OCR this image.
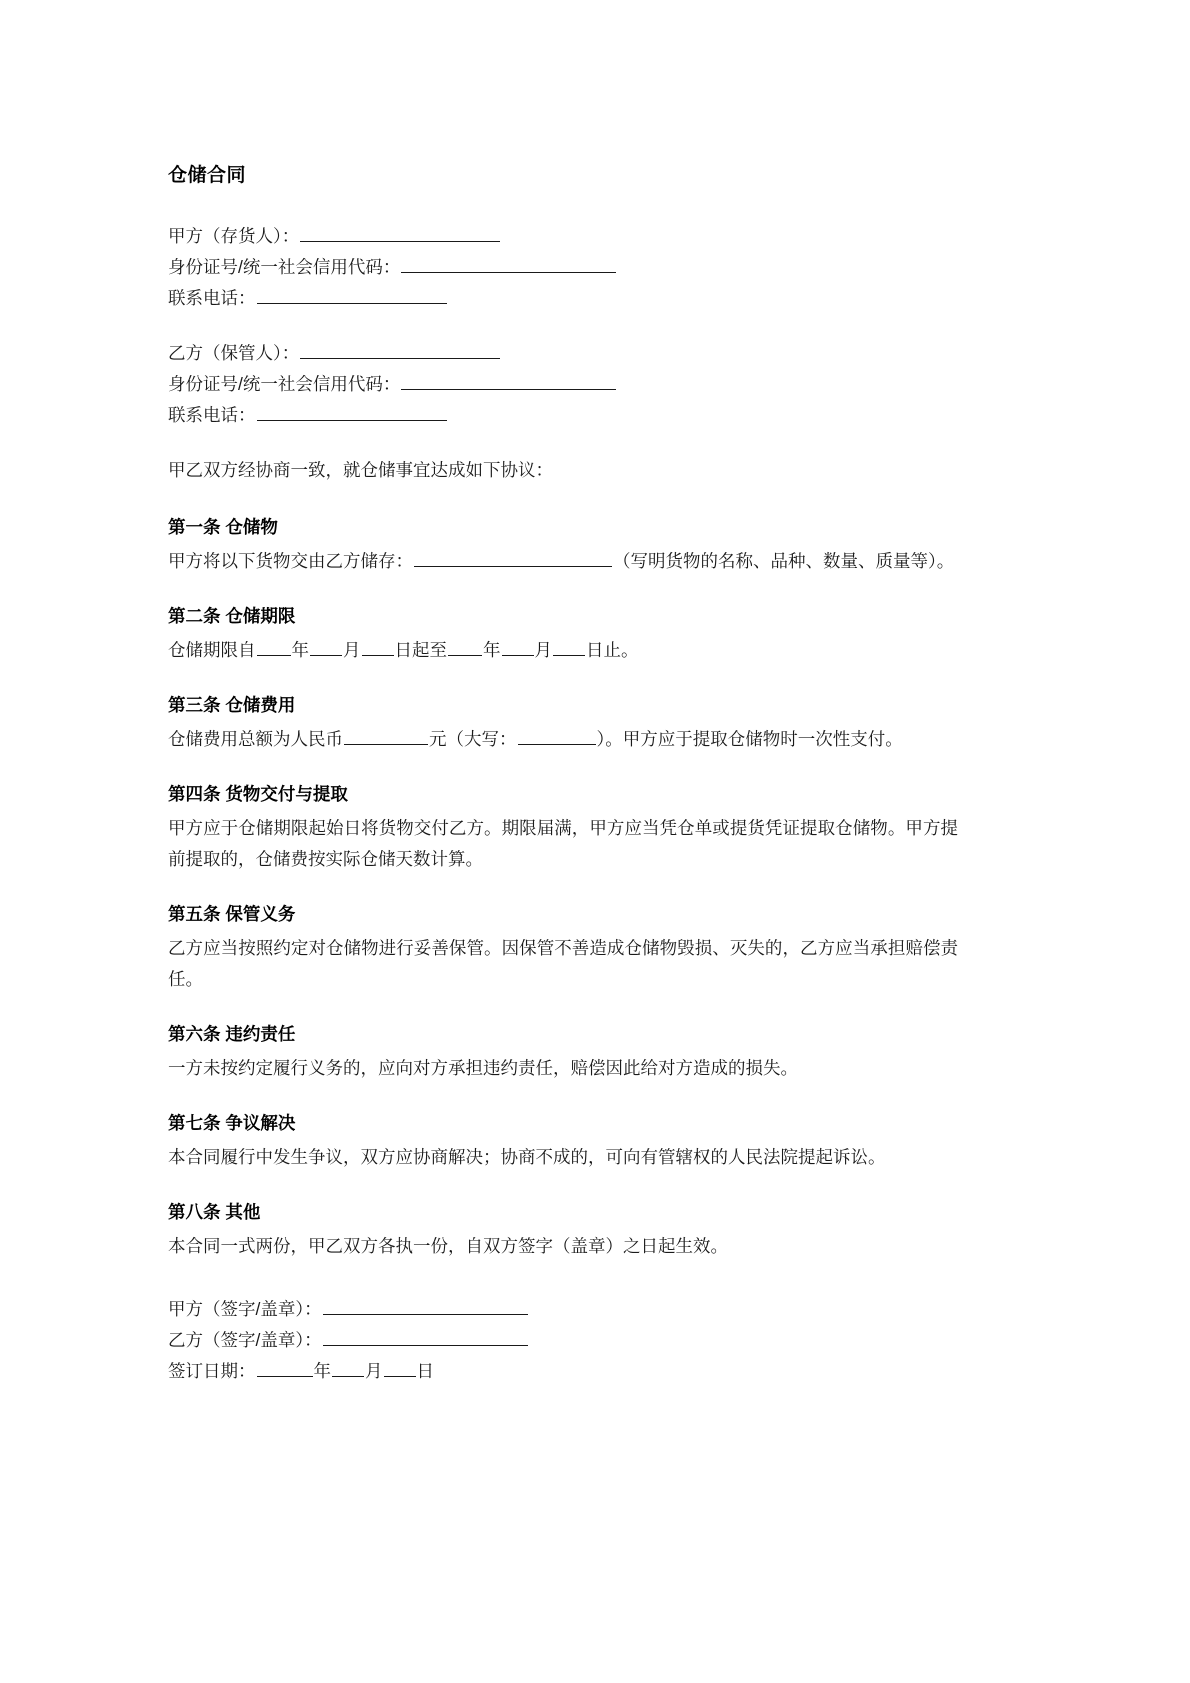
仓储合同
甲方（存货人）：
身份证号/统一社会信用代码：
联系电话：
乙方（保管人）：
身份证号/统一社会信用代码：
联系电话：

甲乙双方经协商一致，就仓储事宜达成如下协议：

第一条 仓储物
甲方将以下货物交由乙方储存：	（写明货物的名称、品种、数量、质量等）。
第二条 仓储期限
仓储期限自 年 月 日起至 年 月 日止。
第三条 仓储费用
仓储费用总额为人民币	元（大写：	）。甲方应于提取仓储物时一次性支付。
第四条 货物交付与提取
甲方应于仓储期限起始日将货物交付乙方。期限届满，甲方应当凭仓单或提货凭证提取仓储物。甲方提前提取的，仓储费按实际仓储天数计算。
第五条 保管义务
乙方应当按照约定对仓储物进行妥善保管。因保管不善造成仓储物毁损、灭失的，乙方应当承担赔偿责任。
第六条 违约责任
一方未按约定履行义务的，应向对方承担违约责任，赔偿因此给对方造成的损失。
第七条 争议解决
本合同履行中发生争议，双方应协商解决；协商不成的，可向有管辖权的人民法院提起诉讼。
第八条 其他
本合同一式两份，甲乙双方各执一份，自双方签字（盖章）之日起生效。
甲方（签字/盖章）：
乙方（签字/盖章）：
签订日期：	年 月 日
